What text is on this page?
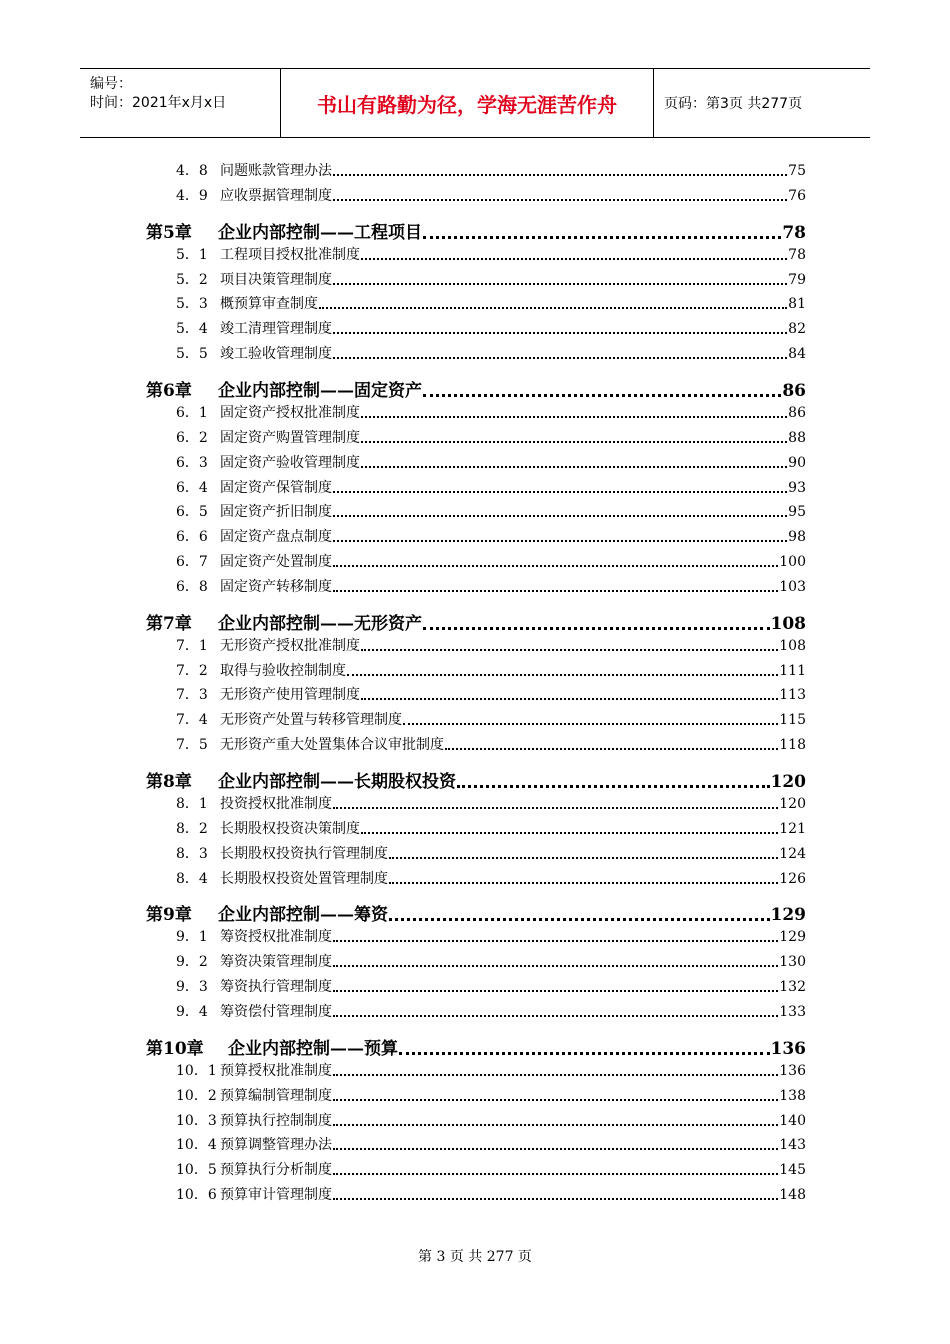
编号：
时间：2021年x月x日	书山有路勤为径，学海无涯苦作舟	页码：第3页 共277页
4．8 问题账款管理办法	75
4．9 应收票据管理制度	76
第5章	企业内部控制——工程项目	78
5．1 工程项目授权批准制度	78
5．2 项目决策管理制度	79
5．3 概预算审查制度	81
5．4 竣工清理管理制度	82
5．5 竣工验收管理制度	84
第6章	企业内部控制——固定资产	86
6．1 固定资产授权批准制度	86
6．2 固定资产购置管理制度	88
6．3 固定资产验收管理制度	90
6．4 固定资产保管制度	93
6．5 固定资产折旧制度	95
6．6 固定资产盘点制度	98
6．7 固定资产处置制度	100
6．8 固定资产转移制度	103
第7章	企业内部控制——无形资产	108
7．1 无形资产授权批准制度	108
7．2 取得与验收控制制度	111
7．3 无形资产使用管理制度	113
7．4 无形资产处置与转移管理制度	115
7．5 无形资产重大处置集体合议审批制度	118
第8章	企业内部控制——长期股权投资	120
8．1 投资授权批准制度	120
8．2 长期股权投资决策制度	121
8．3 长期股权投资执行管理制度	124
8．4 长期股权投资处置管理制度	126
第9章	企业内部控制——筹资	129
9．1 筹资授权批准制度	129
9．2 筹资决策管理制度	130
9．3 筹资执行管理制度	132
9．4 筹资偿付管理制度	133
第10章	企业内部控制——预算	136
10．1 预算授权批准制度	136
10．2 预算编制管理制度	138
10．3 预算执行控制制度	140
10．4 预算调整管理办法	143
10．5 预算执行分析制度	145
10．6 预算审计管理制度	148
第 3 页 共 277 页
